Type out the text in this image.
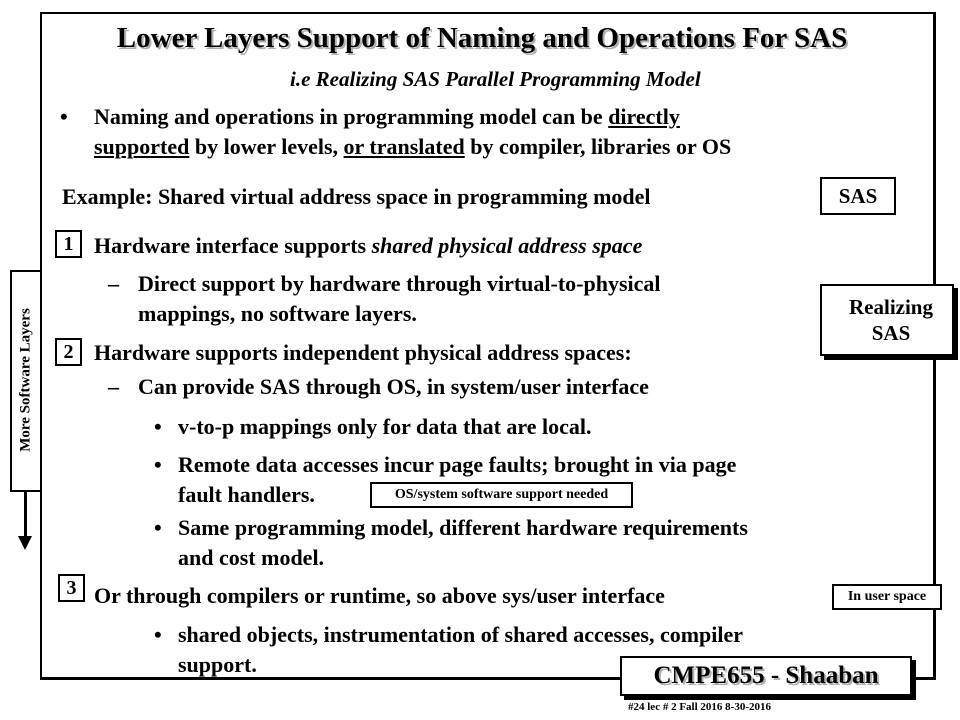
Lower Layers Support of Naming and Operations For SAS
i.e Realizing SAS Parallel Programming Model
• Naming and operations in programming model can be directly
supported by lower levels, or translated by compiler, libraries or OS
Example: Shared virtual address space in programming model	SAS
1 Hardware interface supports shared physical address space
– Direct support by hardware through virtual-to-physical
mappings, no software layers.	Realizing
SAS
2 Hardware supports independent physical address spaces:
– Can provide SAS through OS, in system/user interface
• v-to-p mappings only for data that are local.
• Remote data accesses incur page faults; brought in via page
fault handlers.	OS/system software support needed
• Same programming model, different hardware requirements
and cost model.
3 Or through compilers or runtime, so above sys/user interface	In user space
• shared objects, instrumentation of shared accesses, compiler
support.
More Software Layers
CMPE655 - Shaaban
#24 lec # 2 Fall 2016 8-30-2016
